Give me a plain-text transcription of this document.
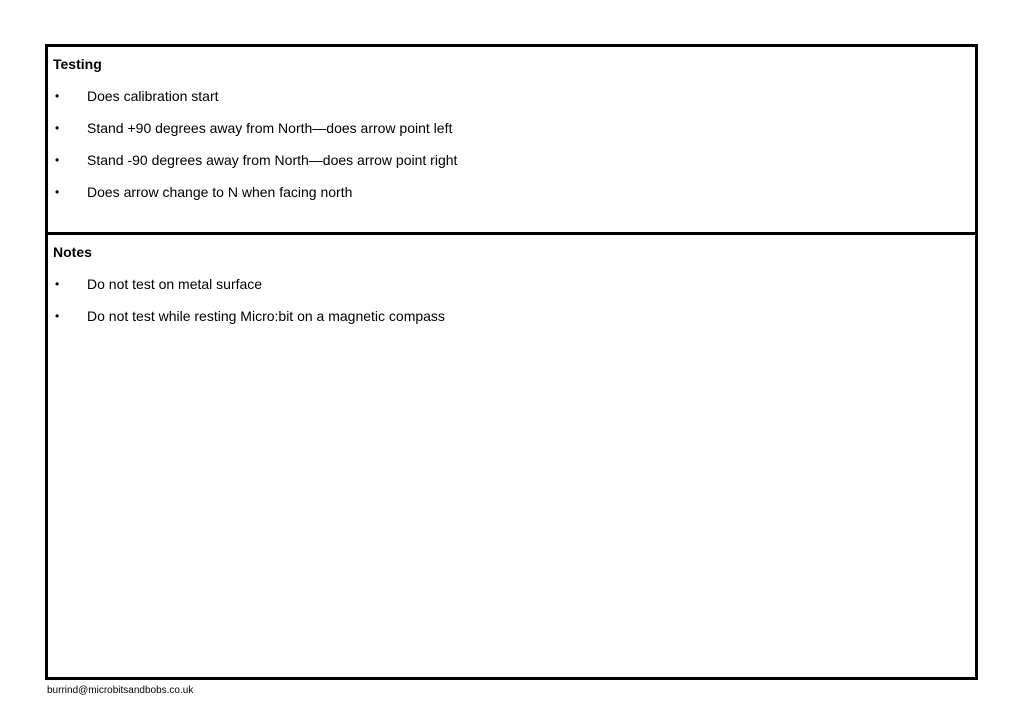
Testing
• Does calibration start
• Stand +90 degrees away from North—does arrow point left
• Stand -90 degrees away from North—does arrow point right
• Does arrow change to N when facing north
Notes
• Do not test on metal surface
• Do not test while resting Micro:bit on a magnetic compass
burrind@microbitsandbobs.co.uk
